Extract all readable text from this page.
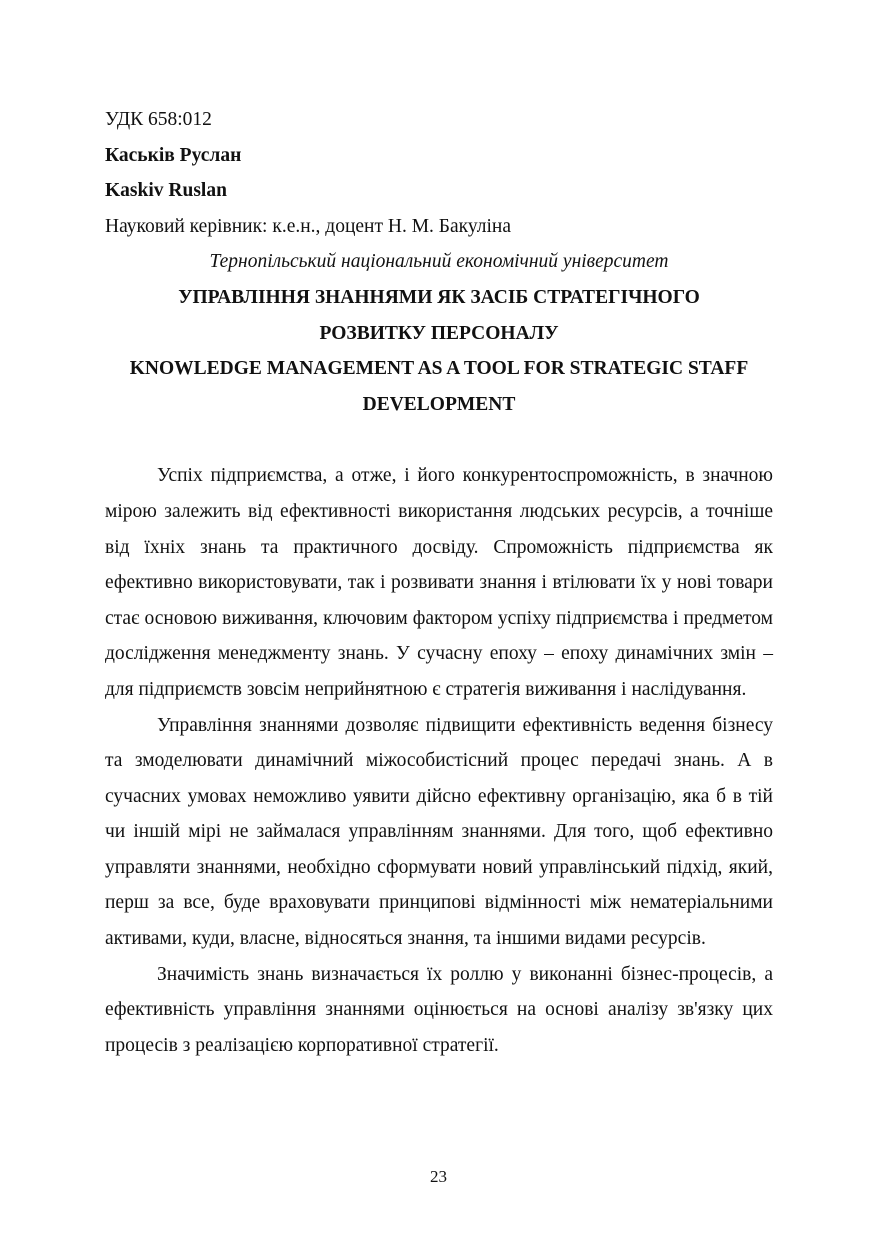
УДК 658:012

Каськів Руслан

Kaskiv Ruslan

Науковий керівник: к.е.н., доцент Н. М. Бакуліна

Тернопільський національний економічний університет

УПРАВЛІННЯ ЗНАННЯМИ ЯК ЗАСІБ СТРАТЕГІЧНОГО

РОЗВИТКУ ПЕРСОНАЛУ

KNOWLEDGE MANAGEMENT AS A TOOL FOR STRATEGIC STAFF

DEVELOPMENT

Успіх підприємства, а отже, і його конкурентоспроможність, в значною мірою залежить від ефективності використання людських ресурсів, а точніше від їхніх знань та практичного досвіду. Спроможність підприємства як ефективно використовувати, так і розвивати знання і втілювати їх у нові товари стає основою виживання, ключовим фактором успіху підприємства і предметом дослідження менеджменту знань. У сучасну епоху – епоху динамічних змін – для підприємств зовсім неприйнятною є стратегія виживання і наслідування.

Управління знаннями дозволяє підвищити ефективність ведення бізнесу та змоделювати динамічний міжособистісний процес передачі знань. А в сучасних умовах неможливо уявити дійсно ефективну організацію, яка б в тій чи іншій мірі не займалася управлінням знаннями. Для того, щоб ефективно управляти знаннями, необхідно сформувати новий управлінський підхід, який, перш за все, буде враховувати принципові відмінності між нематеріальними активами, куди, власне, відносяться знання, та іншими видами ресурсів.

Значимість знань визначається їх роллю у виконанні бізнес-процесів, а ефективність управління знаннями оцінюється на основі аналізу зв'язку цих процесів з реалізацією корпоративної стратегії.

23
